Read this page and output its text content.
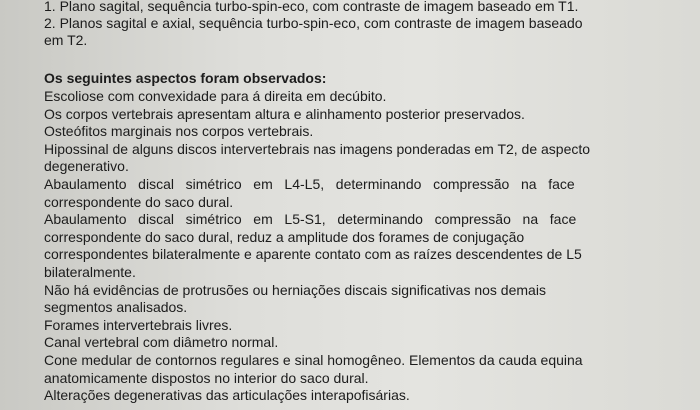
1. Plano sagital, sequência turbo-spin-eco, com contraste de imagem baseado em T1.
2. Planos sagital e axial, sequência turbo-spin-eco, com contraste de imagem baseado
em T2.
Os seguintes aspectos foram observados:
Escoliose com convexidade para á direita em decúbito.
Os corpos vertebrais apresentam altura e alinhamento posterior preservados.
Osteófitos marginais nos corpos vertebrais.
Hipossinal de alguns discos intervertebrais nas imagens ponderadas em T2, de aspecto
degenerativo.
Abaulamento   discal   simétrico   em   L4-L5,   determinando   compressão   na   face
correspondente do saco dural.
Abaulamento   discal   simétrico   em   L5-S1,   determinando   compressão   na   face
correspondente do saco dural, reduz a amplitude dos forames de conjugação
correspondentes bilateralmente e aparente contato com as raízes descendentes de L5
bilateralmente.
Não há evidências de protrusões ou herniações discais significativas nos demais
segmentos analisados.
Forames intervertebrais livres.
Canal vertebral com diâmetro normal.
Cone medular de contornos regulares e sinal homogêneo. Elementos da cauda equina
anatomicamente dispostos no interior do saco dural.
Alterações degenerativas das articulações interapofisárias.
